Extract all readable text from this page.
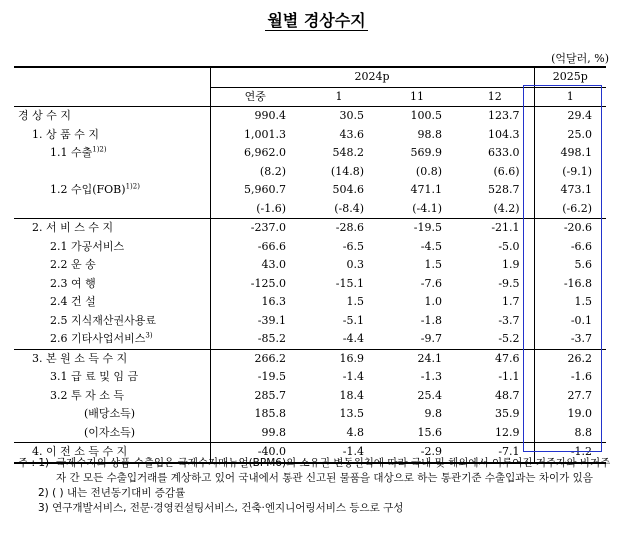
월별 경상수지
(억달러, %)
	2024p				2025p
	연중	1	11	12	1
경 상 수 지	990.4	30.5	100.5	123.7	29.4
1. 상 품 수 지	1,001.3	43.6	98.8	104.3	25.0
1.1 수출$^{1)2)}$	6,962.0	548.2	569.9	633.0	498.1
	(8.2)	(14.8)	(0.8)	(6.6)	(-9.1)
1.2 수입(FOB)$^{1)2)}$	5,960.7	504.6	471.1	528.7	473.1
	(-1.6)	(-8.4)	(-4.1)	(4.2)	(-6.2)
2. 서 비 스 수 지	-237.0	-28.6	-19.5	-21.1	-20.6
2.1 가공서비스	-66.6	-6.5	-4.5	-5.0	-6.6
2.2 운 송	43.0	0.3	1.5	1.9	5.6
2.3 여 행	-125.0	-15.1	-7.6	-9.5	-16.8
2.4 건 설	16.3	1.5	1.0	1.7	1.5
2.5 지식재산권사용료	-39.1	-5.1	-1.8	-3.7	-0.1
2.6 기타사업서비스$^{3)}$	-85.2	-4.4	-9.7	-5.2	-3.7
3. 본 원 소 득 수 지	266.2	16.9	24.1	47.6	26.2
3.1 급 료 및 임 금	-19.5	-1.4	-1.3	-1.1	-1.6
3.2 투 자 소 득	285.7	18.4	25.4	48.7	27.7
(배당소득)	185.8	13.5	9.8	35.9	19.0
(이자소득)	99.8	4.8	15.6	12.9	8.8
4. 이 전 소 득 수 지	-40.0	-1.4	-2.9	-7.1	-1.2
주 : 1) 국제수지의 상품 수출입은 국제수지매뉴얼(BPM6)의 소유권 변동원칙에 따라 국내 및 해외에서 이루어진 거주자와 비거주자 간 모든 수출입거래를 계상하고 있어 국내에서 통관 신고된 물품을 대상으로 하는 통관기준 수출입과는 차이가 있음
2) ( ) 내는 전년동기대비 증감률
3) 연구개발서비스, 전문·경영컨설팅서비스, 건축·엔지니어링서비스 등으로 구성
